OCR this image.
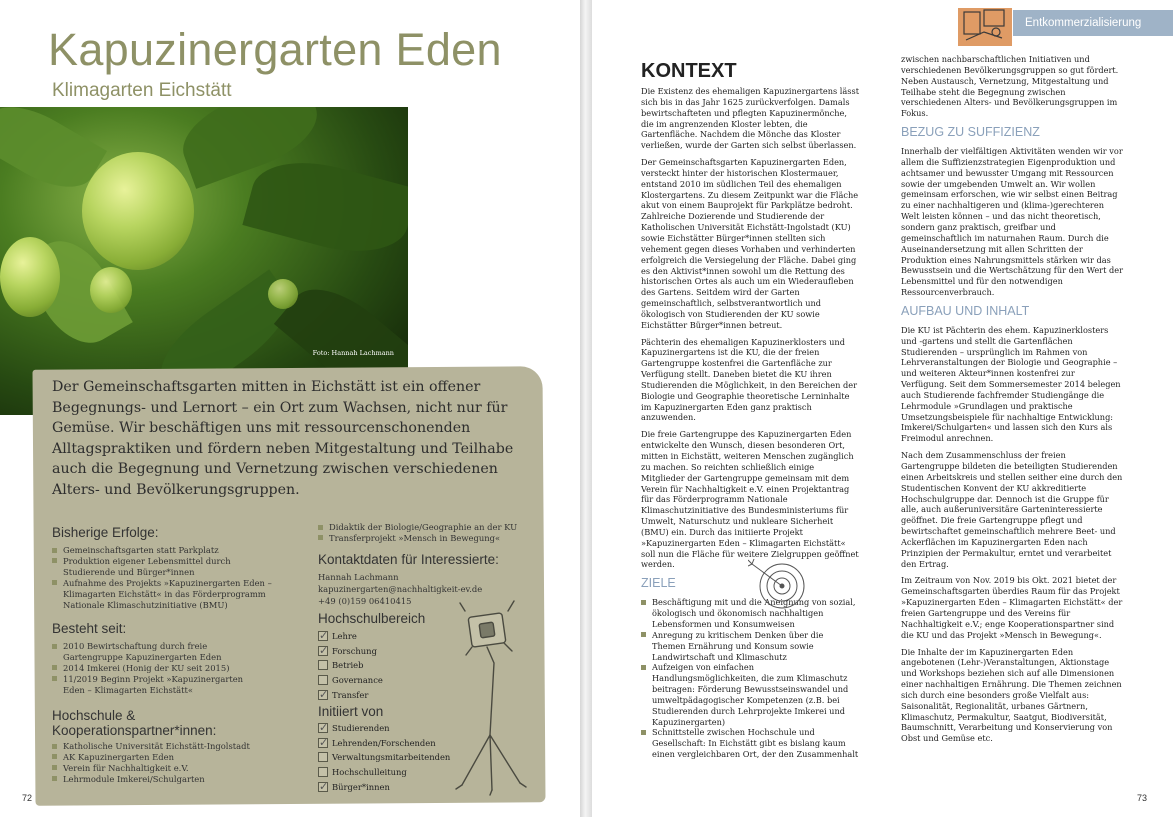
Kapuzinergarten Eden
Klimagarten Eichstätt
Foto: Hannah Lachmann
Der Gemeinschaftsgarten mitten in Eichstätt ist ein offener Begegnungs- und Lernort – ein Ort zum Wachsen, nicht nur für Gemüse. Wir beschäftigen uns mit ressourcenschonenden Alltagspraktiken und fördern neben Mitgestaltung und Teilhabe auch die Begegnung und Vernetzung zwischen verschiedenen Alters- und Bevölkerungsgruppen.
Bisherige Erfolge:
Gemeinschaftsgarten statt Parkplatz
Produktion eigener Lebensmittel durch Studierende und Bürger*innen
Aufnahme des Projekts »Kapuzinergarten Eden – Klimagarten Eichstätt« in das Förderprogramm Nationale Klimaschutzinitiative (BMU)
Besteht seit:
2010 Bewirtschaftung durch freie Gartengruppe Kapuzinergarten Eden
2014 Imkerei (Honig der KU seit 2015)
11/2019 Beginn Projekt »Kapuzinergarten Eden – Klimagarten Eichstätt«
Hochschule & Kooperationspartner*innen:
Katholische Universität Eichstätt-Ingolstadt
AK Kapuzinergarten Eden
Verein für Nachhaltigkeit e.V.
Lehrmodule Imkerei/Schulgarten
Didaktik der Biologie/Geographie an der KU
Transferprojekt »Mensch in Bewegung«
Kontaktdaten für Interessierte:
Hannah Lachmann
kapuzinergarten@nachhaltigkeit-ev.de
+49 (0)159 06410415
Hochschulbereich
✓
Lehre
✓
Forschung
Betrieb
Governance
✓
Transfer
Initiiert von
✓
Studierenden
✓
Lehrenden/Forschenden
Verwaltungsmitarbeitenden
Hochschulleitung
✓
Bürger*innen
72
Entkommerzialisierung
KONTEXT

Die Existenz des ehemaligen Kapuzinergartens lässt sich bis in das Jahr 1625 zurückverfolgen. Damals bewirtschafteten und pflegten Kapuzinermönche, die im angrenzenden Kloster lebten, die Gartenfläche. Nachdem die Mönche das Kloster verließen, wurde der Garten sich selbst überlassen.

Der Gemeinschaftsgarten Kapuzinergarten Eden, versteckt hinter der historischen Klostermauer, entstand 2010 im südlichen Teil des ehemaligen Klostergartens. Zu diesem Zeitpunkt war die Fläche akut von einem Bauprojekt für Parkplätze bedroht. Zahlreiche Dozierende und Studierende der Katholischen Universität Eichstätt-Ingolstadt (KU) sowie Eichstätter Bürger*innen stellten sich vehement gegen dieses Vorhaben und verhinderten erfolgreich die Versiegelung der Fläche. Dabei ging es den Aktivist*innen sowohl um die Rettung des historischen Ortes als auch um ein Wiederaufleben des Gartens. Seitdem wird der Garten gemeinschaftlich, selbstverantwortlich und ökologisch von Studierenden der KU sowie Eichstätter Bürger*innen betreut.

Pächterin des ehemaligen Kapuzinerklosters und Kapuzinergartens ist die KU, die der freien Gartengruppe kostenfrei die Gartenfläche zur Verfügung stellt. Daneben bietet die KU ihren Studierenden die Möglichkeit, in den Bereichen der Biologie und Geographie theoretische Lerninhalte im Kapuzinergarten Eden ganz praktisch anzuwenden.

Die freie Gartengruppe des Kapuzinergarten Eden entwickelte den Wunsch, diesen besonderen Ort, mitten in Eichstätt, weiteren Menschen zugänglich zu machen. So reichten schließlich einige Mitglieder der Gartengruppe gemeinsam mit dem Verein für Nachhaltigkeit e.V. einen Projektantrag für das Förderprogramm Nationale Klimaschutzinitiative des Bundesministeriums für Umwelt, Naturschutz und nukleare Sicherheit (BMU) ein. Durch das initiierte Projekt »Kapuzinergarten Eden – Klimagarten Eichstätt« soll nun die Fläche für weitere Zielgruppen geöffnet werden.

ZIELE
Beschäftigung mit und die Aneignung von sozial, ökologisch und ökonomisch nachhaltigen Lebensformen und Konsumweisen
Anregung zu kritischem Denken über die Themen Ernährung und Konsum sowie Landwirtschaft und Klimaschutz
Aufzeigen von einfachen Handlungsmöglichkeiten, die zum Klimaschutz beitragen: Förderung Bewusstseinswandel und umweltpädagogischer Kompetenzen (z.B. bei Studierenden durch Lehrprojekte Imkerei und Kapuzinergarten)
Schnittstelle zwischen Hochschule und Gesellschaft: In Eichstätt gibt es bislang kaum einen vergleichbaren Ort, der den Zusammenhalt

zwischen nachbarschaftlichen Initiativen und verschiedenen Bevölkerungsgruppen so gut fördert. Neben Austausch, Vernetzung, Mitgestaltung und Teilhabe steht die Begegnung zwischen verschiedenen Alters- und Bevölkerungsgruppen im Fokus.

BEZUG ZU SUFFIZIENZ

Innerhalb der vielfältigen Aktivitäten wenden wir vor allem die Suffizienzstrategien Eigenproduktion und achtsamer und bewusster Umgang mit Ressourcen sowie der umgebenden Umwelt an. Wir wollen gemeinsam erforschen, wie wir selbst einen Beitrag zu einer nachhaltigeren und (klima-)gerechteren Welt leisten können – und das nicht theoretisch, sondern ganz praktisch, greifbar und gemeinschaftlich im naturnahen Raum. Durch die Auseinandersetzung mit allen Schritten der Produktion eines Nahrungsmittels stärken wir das Bewusstsein und die Wertschätzung für den Wert der Lebensmittel und für den notwendigen Ressourcenverbrauch.

AUFBAU UND INHALT

Die KU ist Pächterin des ehem. Kapuzinerklosters und -gartens und stellt die Gartenflächen Studierenden – ursprünglich im Rahmen von Lehrveranstaltungen der Biologie und Geographie – und weiteren Akteur*innen kostenfrei zur Verfügung. Seit dem Sommersemester 2014 belegen auch Studierende fachfremder Studiengänge die Lehrmodule »Grundlagen und praktische Umsetzungsbeispiele für nachhaltige Entwicklung: Imkerei/Schulgarten« und lassen sich den Kurs als Freimodul anrechnen.

Nach dem Zusammenschluss der freien Gartengruppe bildeten die beteiligten Studierenden einen Arbeitskreis und stellen seither eine durch den Studentischen Konvent der KU akkreditierte Hochschulgruppe dar. Dennoch ist die Gruppe für alle, auch außeruniversitäre Garteninteressierte geöffnet. Die freie Gartengruppe pflegt und bewirtschaftet gemeinschaftlich mehrere Beet- und Ackerflächen im Kapuzinergarten Eden nach Prinzipien der Permakultur, erntet und verarbeitet den Ertrag.

Im Zeitraum von Nov. 2019 bis Okt. 2021 bietet der Gemeinschaftsgarten überdies Raum für das Projekt »Kapuzinergarten Eden – Klimagarten Eichstätt« der freien Gartengruppe und des Vereins für Nachhaltigkeit e.V.; enge Kooperationspartner sind die KU und das Projekt »Mensch in Bewegung«.

Die Inhalte der im Kapuzinergarten Eden angebotenen (Lehr-)Veranstaltungen, Aktionstage und Workshops beziehen sich auf alle Dimensionen einer nachhaltigen Ernährung. Die Themen zeichnen sich durch eine besonders große Vielfalt aus: Saisonalität, Regionalität, urbanes Gärtnern, Klimaschutz, Permakultur, Saatgut, Biodiversität, Baumschnitt, Verarbeitung und Konservierung von Obst und Gemüse etc.

73
